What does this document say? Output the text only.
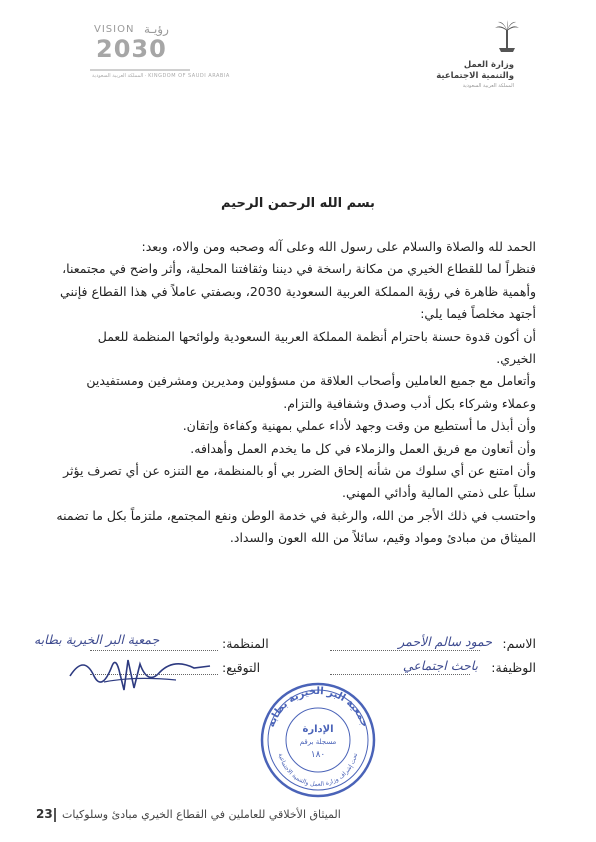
VISION رؤيـة
2030
المملكة العربية السعودية · KINGDOM OF SAUDI ARABIA
وزارة العمل
والتنمية الاجتماعية
المملكة العربية السعودية
بسم الله الرحمن الرحيم

الحمد لله والصلاة والسلام على رسول الله وعلى آله وصحبه ومن والاه، وبعد:

فنظراً لما للقطاع الخيري من مكانة راسخة في ديننا وثقافتنا المحلية، وأثر واضح في مجتمعنا، وأهمية ظاهرة في رؤية المملكة العربية السعودية 2030، وبصفتي عاملاً في هذا القطاع فإنني أجتهد مخلصاً فيما يلي:

أن أكون قدوة حسنة باحترام أنظمة المملكة العربية السعودية ولوائحها المنظمة للعمل الخيري.

وأتعامل مع جميع العاملين وأصحاب العلاقة من مسؤولين ومديرين ومشرفين ومستفيدين وعملاء وشركاء بكل أدب وصدق وشفافية والتزام.

وأن أبذل ما أستطيع من وقت وجهد لأداء عملي بمهنية وكفاءة وإتقان.

وأن أتعاون مع فريق العمل والزملاء في كل ما يخدم العمل وأهدافه.

وأن امتنع عن أي سلوك من شأنه إلحاق الضرر بي أو بالمنظمة، مع التنزه عن أي تصرف يؤثر سلباً على ذمتي المالية وأدائي المهني.

واحتسب في ذلك الأجر من الله، والرغبة في خدمة الوطن ونفع المجتمع، ملتزماً بكل ما تضمنه الميثاق من مبادئ ومواد وقيم، سائلاً من الله العون والسداد.

الاسم:
حمود سالم الأحمر
الوظيفة:
باحث اجتماعي
المنظمة:
جمعية البر الخيرية بطابه
التوقيع:
جمعية البر الخيرية بطابه
تحت إشراف وزارة العمل والتنمية الاجتماعية
الإدارة
مسجلة برقم
١٨٠
23 الميثاق الأخلاقي للعاملين في القطاع الخيري مبادئ وسلوكيات
